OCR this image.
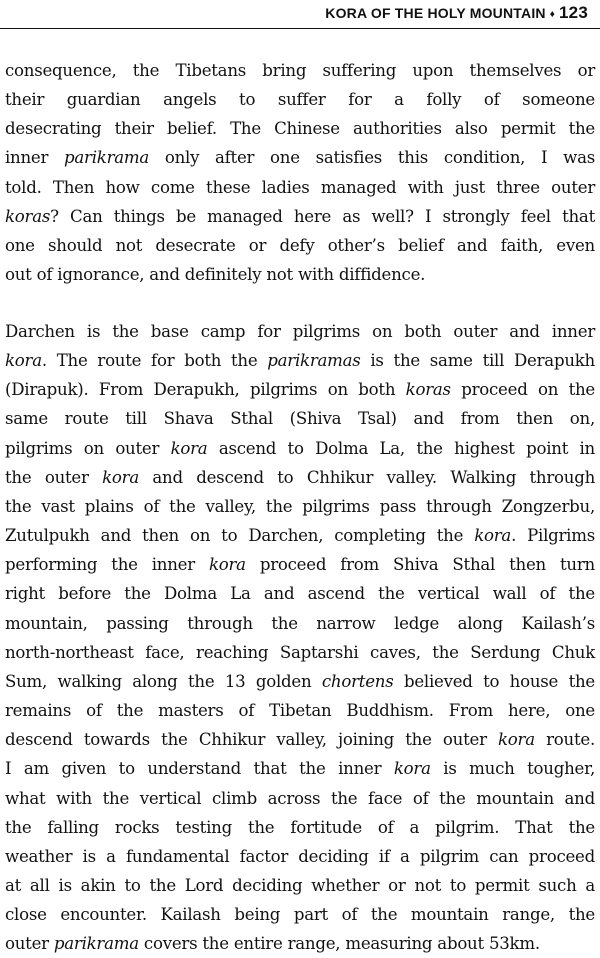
KORA OF THE HOLY MOUNTAIN ♦ 123
consequence, the Tibetans bring suffering upon themselves or
their guardian angels to suffer for a folly of someone
desecrating their belief. The Chinese authorities also permit the
inner parikrama only after one satisfies this condition, I was
told. Then how come these ladies managed with just three outer
koras? Can things be managed here as well? I strongly feel that
one should not desecrate or defy other’s belief and faith, even
out of ignorance, and definitely not with diffidence.
Darchen is the base camp for pilgrims on both outer and inner
kora. The route for both the parikramas is the same till Derapukh
(Dirapuk). From Derapukh, pilgrims on both koras proceed on the
same route till Shava Sthal (Shiva Tsal) and from then on,
pilgrims on outer kora ascend to Dolma La, the highest point in
the outer kora and descend to Chhikur valley. Walking through
the vast plains of the valley, the pilgrims pass through Zongzerbu,
Zutulpukh and then on to Darchen, completing the kora. Pilgrims
performing the inner kora proceed from Shiva Sthal then turn
right before the Dolma La and ascend the vertical wall of the
mountain, passing through the narrow ledge along Kailash’s
north-northeast face, reaching Saptarshi caves, the Serdung Chuk
Sum, walking along the 13 golden chortens believed to house the
remains of the masters of Tibetan Buddhism. From here, one
descend towards the Chhikur valley, joining the outer kora route.
I am given to understand that the inner kora is much tougher,
what with the vertical climb across the face of the mountain and
the falling rocks testing the fortitude of a pilgrim. That the
weather is a fundamental factor deciding if a pilgrim can proceed
at all is akin to the Lord deciding whether or not to permit such a
close encounter. Kailash being part of the mountain range, the
outer parikrama covers the entire range, measuring about 53km.
